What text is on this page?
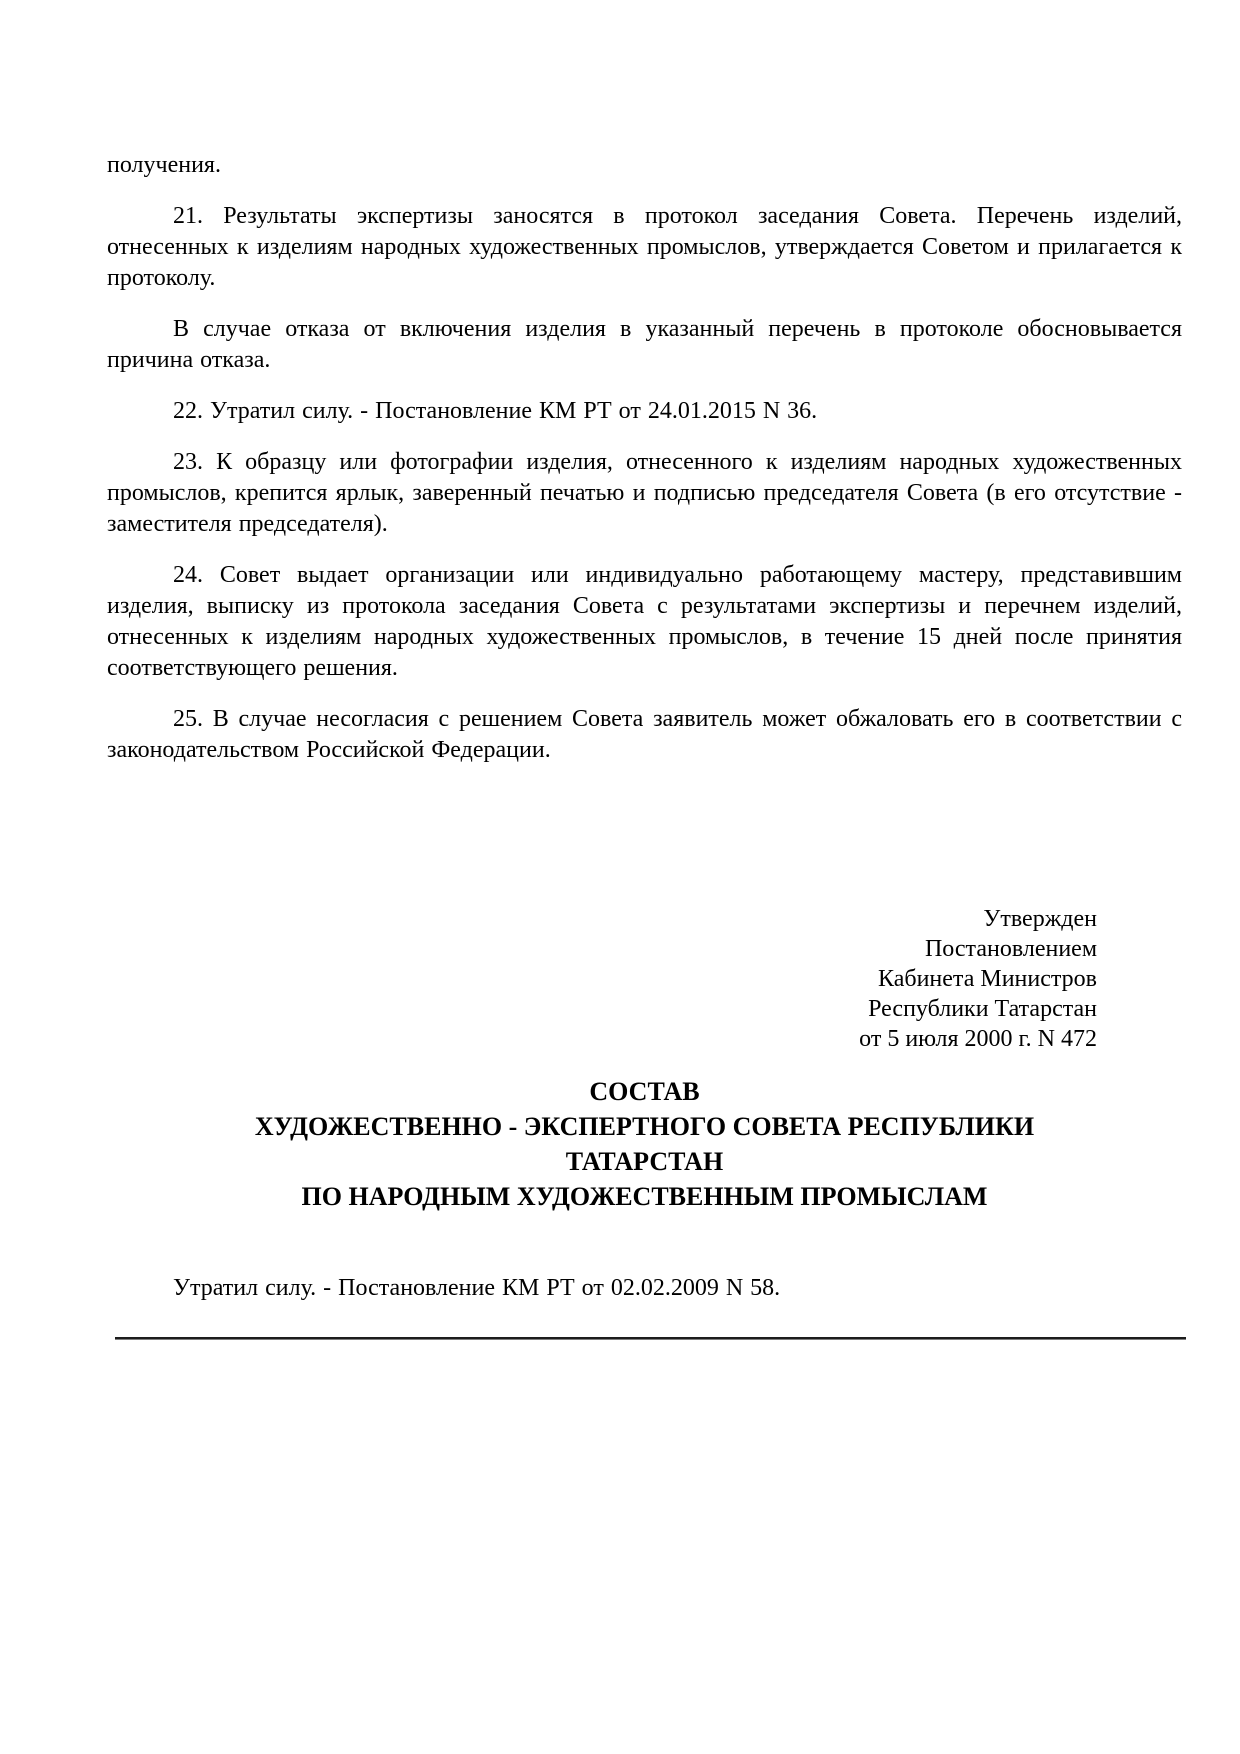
получения.

21. Результаты экспертизы заносятся в протокол заседания Совета. Перечень изделий, отнесенных к изделиям народных художественных промыслов, утверждается Советом и прилагается к протоколу.

В случае отказа от включения изделия в указанный перечень в протоколе обосновывается причина отказа.

22. Утратил силу. - Постановление КМ РТ от 24.01.2015 N 36.

23. К образцу или фотографии изделия, отнесенного к изделиям народных художественных промыслов, крепится ярлык, заверенный печатью и подписью председателя Совета (в его отсутствие - заместителя председателя).

24. Совет выдает организации или индивидуально работающему мастеру, представившим изделия, выписку из протокола заседания Совета с результатами экспертизы и перечнем изделий, отнесенных к изделиям народных художественных промыслов, в течение 15 дней после принятия соответствующего решения.

25. В случае несогласия с решением Совета заявитель может обжаловать его в соответствии с законодательством Российской Федерации.

Утвержден
Постановлением
Кабинета Министров
Республики Татарстан
от 5 июля 2000 г. N 472
СОСТАВ
ХУДОЖЕСТВЕННО - ЭКСПЕРТНОГО СОВЕТА РЕСПУБЛИКИ
ТАТАРСТАН
ПО НАРОДНЫМ ХУДОЖЕСТВЕННЫМ ПРОМЫСЛАМ

Утратил силу. - Постановление КМ РТ от 02.02.2009 N 58.
